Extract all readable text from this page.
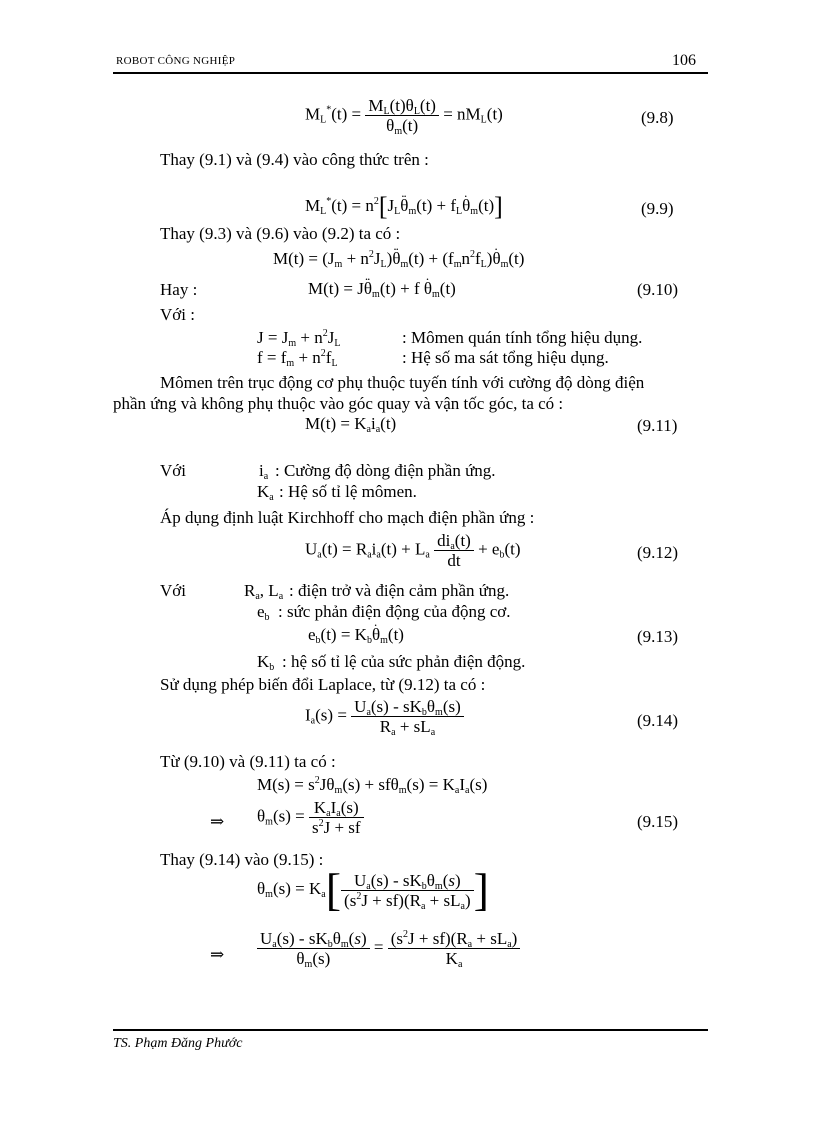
ROBOT CÔNG NGHIỆP	106
$M_L^*(t) = \frac{M_L(t)\theta_L(t)}{\theta_m(t)} = nM_L(t)$	(9.8)
Thay (9.1) và (9.4) vào công thức trên :
$M_L^*(t) = n^2[J_L$.. $\theta_m(t) + f_L$. $\theta_m(t)$]	(9.9)
Thay (9.3) và (9.6) vào (9.2) ta có :
$M(t) = (J_m + n^2J_L)$.. $\theta_m(t) + (f_mn^2f_L)$. $\theta_m(t)$
Hay :	M(t) = J.. $\theta_m(t) + f$ . $\theta_m(t)$	(9.10)
Với :
$J = J_m + n^2J_L$	: Mômen quán tính tổng hiệu dụng.
$f = f_m + n^2f_L$	: Hệ số ma sát tổng hiệu dụng.
Mômen trên trục động cơ phụ thuộc tuyến tính với cường độ dòng điện
phần ứng và không phụ thuộc vào góc quay và vận tốc góc, ta có :
$M(t) = K_ai_a(t)$	(9.11)
Với	$i_a$ : Cường độ dòng điện phần ứng.
$K_a$ : Hệ số tỉ lệ mômen.
Áp dụng định luật Kirchhoff cho mạch điện phần ứng :
$U_a(t) = R_ai_a(t) + L_a \frac{di_a(t)}{dt} + e_b(t)$	(9.12)
Với	$R_a$, $L_a$ : điện trở và điện cảm phần ứng.
$e_b$ : sức phản điện động của động cơ.
$e_b(t) = K_b$. $\theta_m(t)$	(9.13)
$K_b$ : hệ số tỉ lệ của sức phản điện động.
Sử dụng phép biến đổi Laplace, từ (9.12) ta có :
$I_a(s) = \frac{U_a(s) - sK_b\theta_m(s)}{R_a + sL_a}$	(9.14)
Từ (9.10) và (9.11) ta có :
$M(s) = s^2J\theta_m(s) + sf\theta_m(s) = K_aI_a(s)$
⇒ $\theta_m(s) = \frac{K_aI_a(s)}{s^2J + sf}$	(9.15)
Thay (9.14) vào (9.15) :
$\theta_m(s) = K_a[ \frac{U_a(s) - sK_b\theta_m(s)}{(s^2J + sf)(R_a + sL_a)}$ ]
⇒ $\frac{U_a(s) - sK_b\theta_m(s)}{\theta_m(s)} = \frac{(s^2J + sf)(R_a + sL_a)}{K_a}$
TS. Phạm Đăng Phước
